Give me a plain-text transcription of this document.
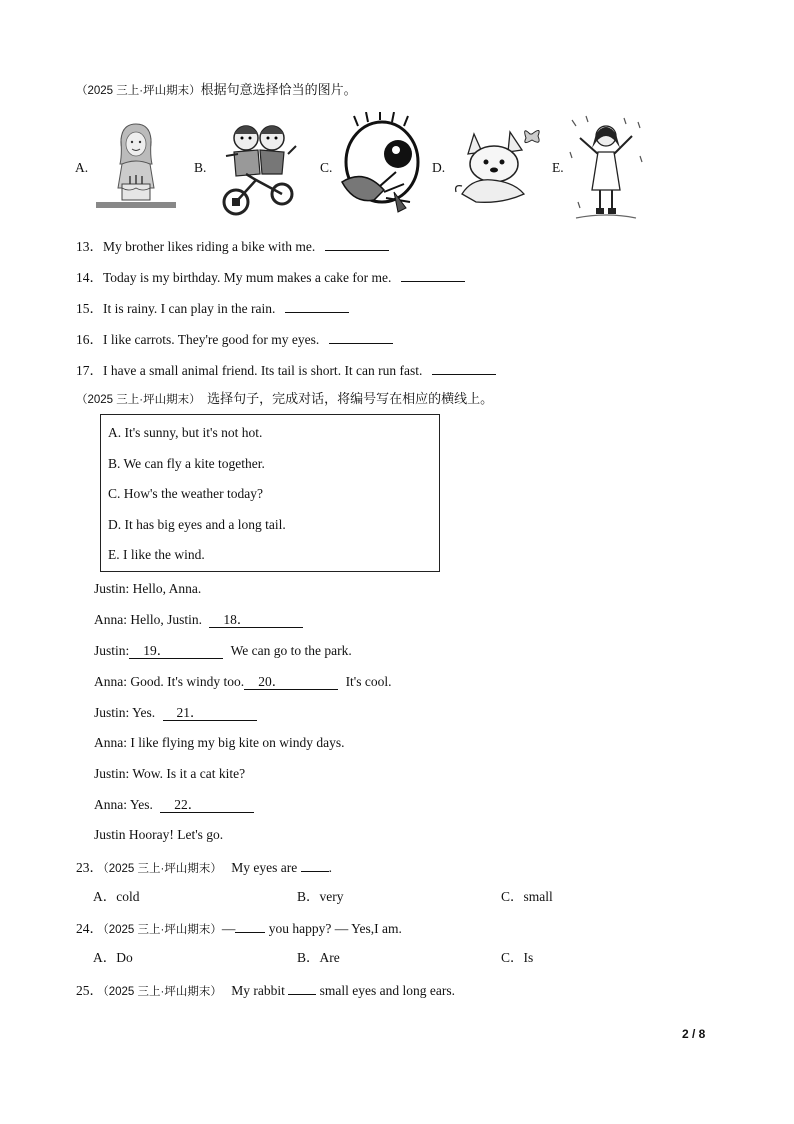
（2025 三上·坪山期末）根据句意选择恰当的图片。
A.	B.	C.	D.	E.
13．My brother likes riding a bike with me.
14．Today is my birthday. My mum makes a cake for me.
15．It is rainy. I can play in the rain.
16．I like carrots. They're good for my eyes.
17．I have a small animal friend. Its tail is short. It can run fast.
（2025 三上·坪山期末） 选择句子，完成对话，将编号写在相应的横线上。
A. It's sunny, but it's not hot.
B. We can fly a kite together.
C. How's the weather today?
D. It has big eyes and a long tail.
E. I like the wind.
Justin: Hello, Anna.
Anna: Hello, Justin. 18．
Justin: 19．	We can go to the park.
Anna: Good. It's windy too. 20．	It's cool.
Justin: Yes. 21．
Anna: I like flying my big kite on windy days.
Justin: Wow. Is it a cat kite?
Anna: Yes. 22．
Justin Hooray! Let's go.
23．（2025 三上·坪山期末） My eyes are .
A．cold	B．very	C．small
24．（2025 三上·坪山期末）— you happy? — Yes,I am.
A．Do	B．Are	C．Is
25．（2025 三上·坪山期末） My rabbit	small eyes and long ears.
2 / 8
